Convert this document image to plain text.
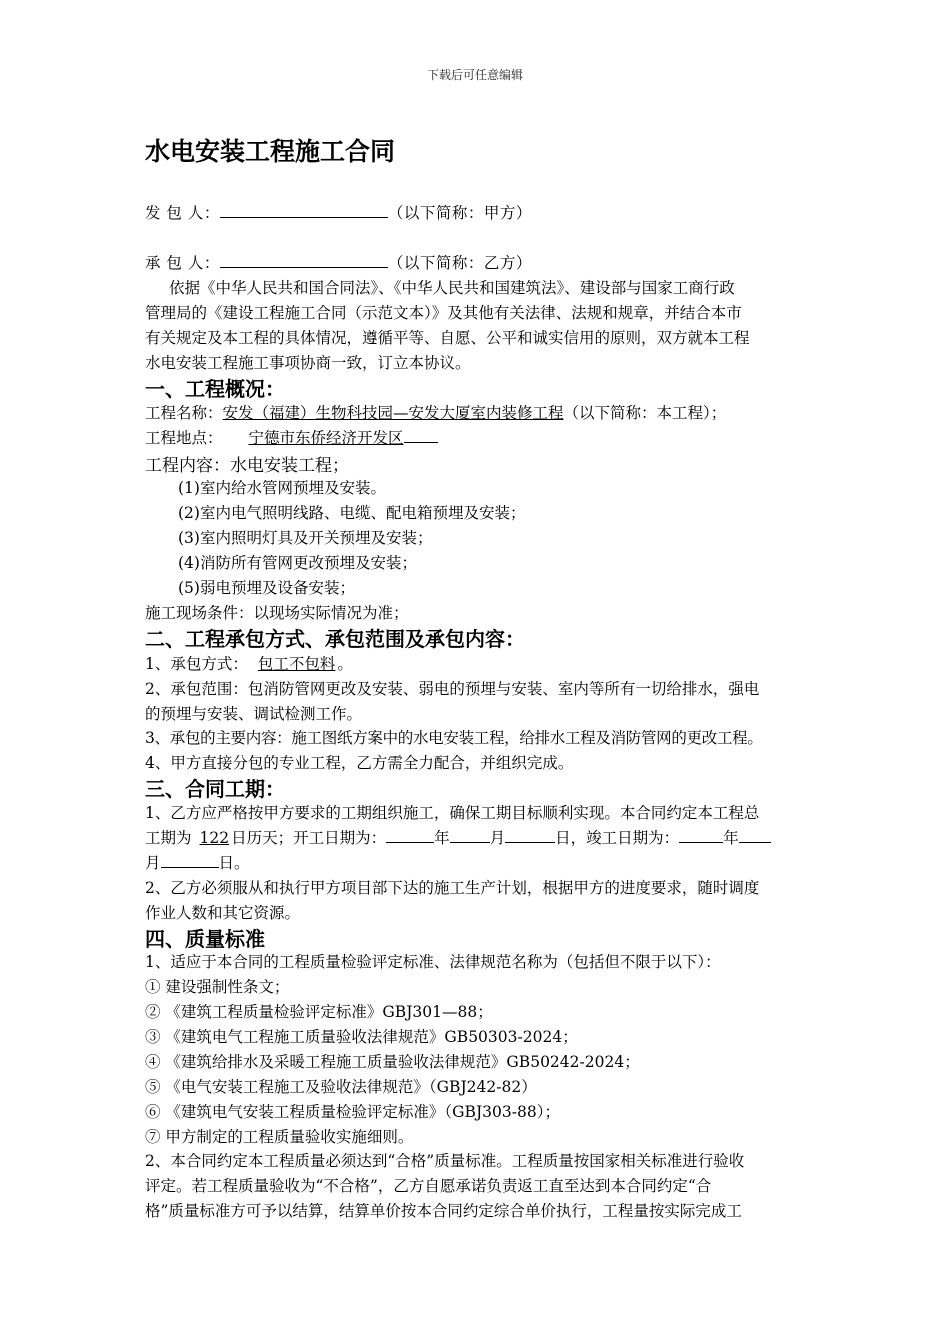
下载后可任意编辑
水电安装工程施工合同
发 包 人：	（以下简称：甲方）
承 包 人：	（以下简称：乙方）
依据《中华人民共和国合同法》、《中华人民共和国建筑法》、建设部与国家工商行政
管理局的《建设工程施工合同（示范文本）》及其他有关法律、法规和规章，并结合本市
有关规定及本工程的具体情况，遵循平等、自愿、公平和诚实信用的原则，双方就本工程
水电安装工程施工事项协商一致，订立本协议。
一、工程概况：
工程名称：安发（福建）生物科技园—安发大厦室内装修工程（以下简称：本工程）；
工程地点： 宁德市东侨经济开发区
工程内容：水电安装工程；
(1)室内给水管网预埋及安装。
(2)室内电气照明线路、电缆、配电箱预埋及安装；
(3)室内照明灯具及开关预埋及安装；
(4)消防所有管网更改预埋及安装；
(5)弱电预埋及设备安装；
施工现场条件：以现场实际情况为准；
二、工程承包方式、承包范围及承包内容：
1、承包方式： 包工不包料 。
2、承包范围：包消防管网更改及安装、弱电的预埋与安装、室内等所有一切给排水，强电
的预埋与安装、调试检测工作。
3、承包的主要内容：施工图纸方案中的水电安装工程，给排水工程及消防管网的更改工程。
4、甲方直接分包的专业工程，乙方需全力配合，并组织完成。
三、合同工期：
1、乙方应严格按甲方要求的工期组织施工，确保工期目标顺利实现。本合同约定本工程总
工期为 122 日历天；开工日期为：	年	月	日，竣工日期为：	年
月	日。
2、乙方必须服从和执行甲方项目部下达的施工生产计划，根据甲方的进度要求，随时调度
作业人数和其它资源。
四、质量标准
1、适应于本合同的工程质量检验评定标准、法律规范名称为（包括但不限于以下）：
① 建设强制性条文；
② 《建筑工程质量检验评定标准》GBJ301—88；
③ 《建筑电气工程施工质量验收法律规范》GB50303-2024；
④ 《建筑给排水及采暖工程施工质量验收法律规范》GB50242-2024；
⑤ 《电气安装工程施工及验收法律规范》（GBJ242-82）
⑥ 《建筑电气安装工程质量检验评定标准》（GBJ303-88）；
⑦ 甲方制定的工程质量验收实施细则。
2、本合同约定本工程质量必须达到“合格”质量标准。工程质量按国家相关标准进行验收
评定。若工程质量验收为“不合格”，乙方自愿承诺负责返工直至达到本合同约定“合
格”质量标准方可予以结算，结算单价按本合同约定综合单价执行，工程量按实际完成工
